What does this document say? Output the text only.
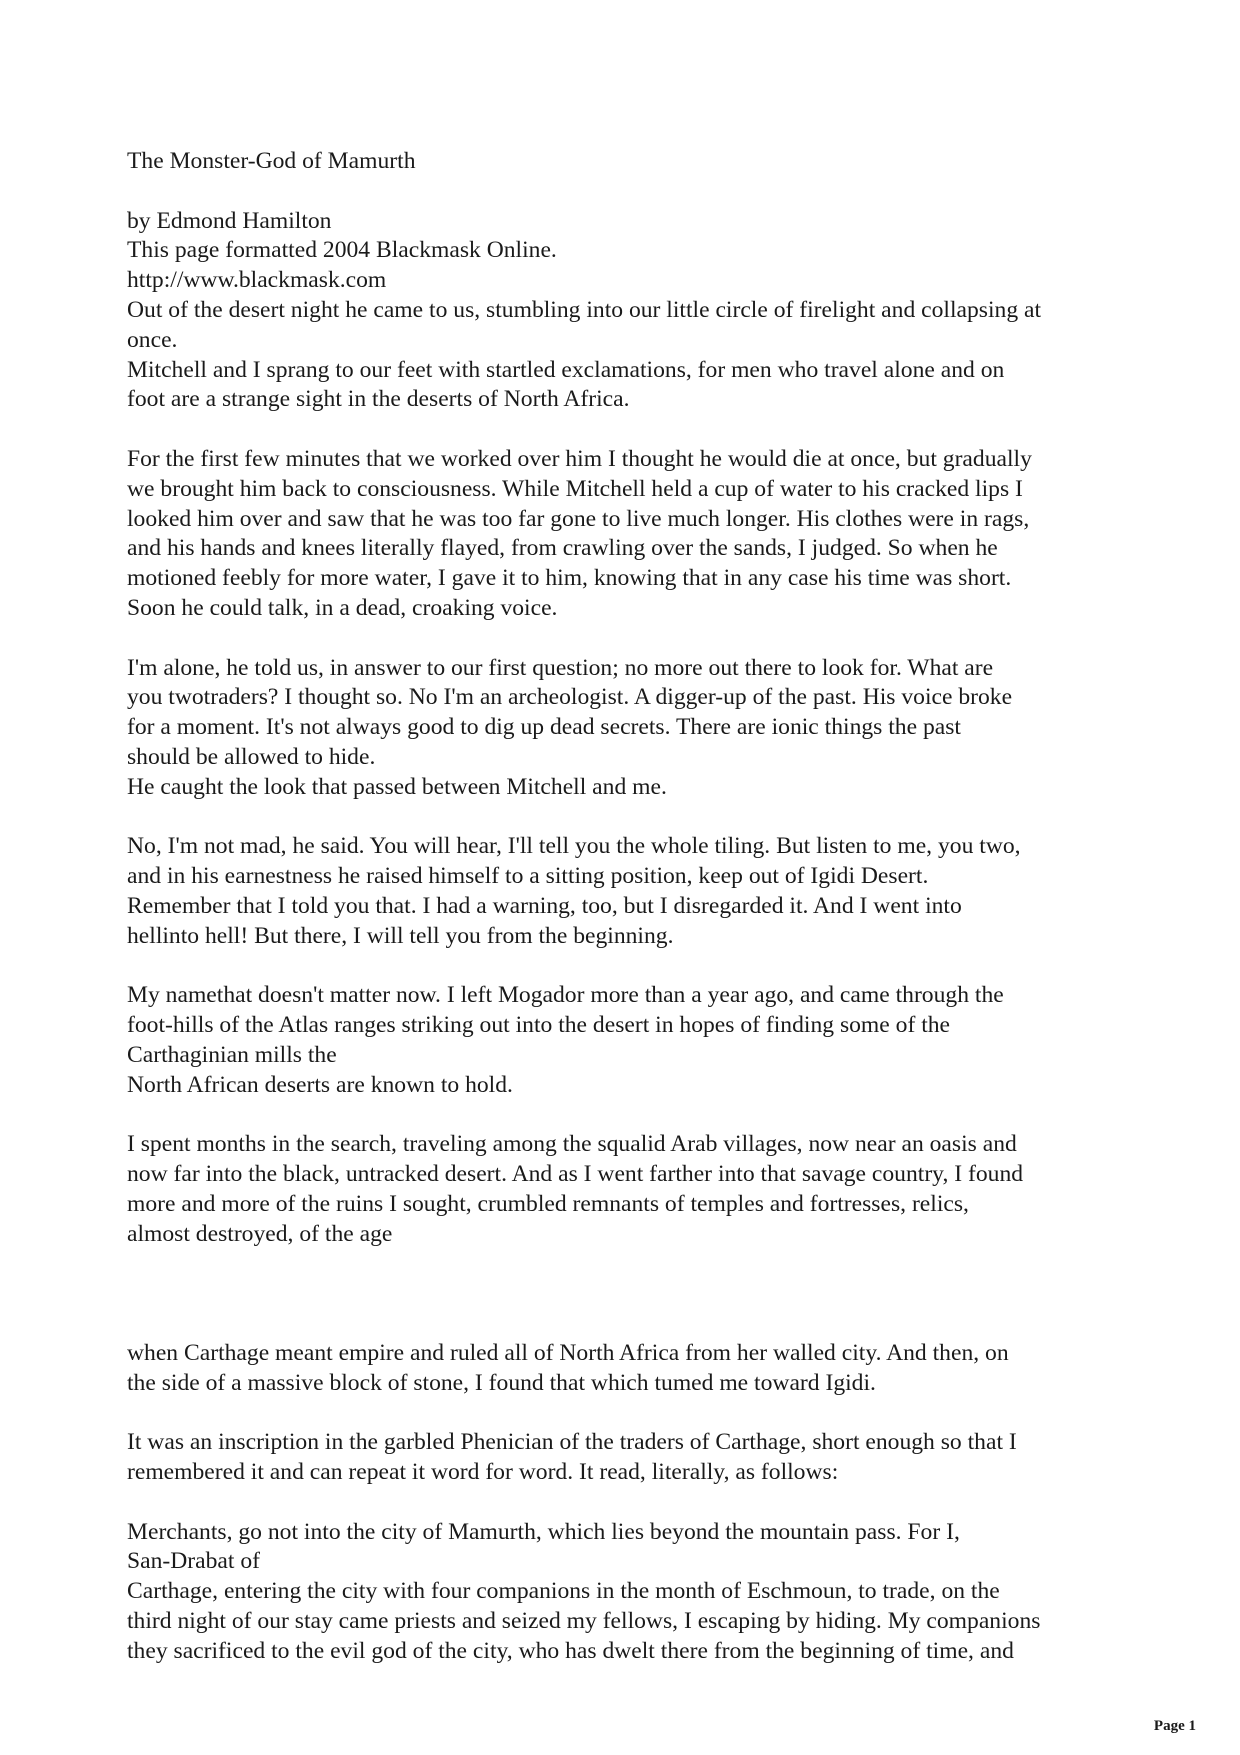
The Monster-God of Mamurth
by Edmond Hamilton
This page formatted 2004 Blackmask Online.
http://www.blackmask.com
Out of the desert night he came to us, stumbling into our little circle of firelight and collapsing at
once.
Mitchell and I sprang to our feet with startled exclamations, for men who travel alone and on
foot are a strange sight in the deserts of North Africa.
For the first few minutes that we worked over him I thought he would die at once, but gradually
we brought him back to consciousness. While Mitchell held a cup of water to his cracked lips I
looked him over and saw that he was too far gone to live much longer. His clothes were in rags,
and his hands and knees literally flayed, from crawling over the sands, I judged. So when he
motioned feebly for more water, I gave it to him, knowing that in any case his time was short.
Soon he could talk, in a dead, croaking voice.
I'm alone, he told us, in answer to our first question; no more out there to look for. What are
you twotraders? I thought so. No I'm an archeologist. A digger-up of the past. His voice broke
for a moment. It's not always good to dig up dead secrets. There are ionic things the past
should be allowed to hide.
He caught the look that passed between Mitchell and me.
No, I'm not mad, he said. You will hear, I'll tell you the whole tiling. But listen to me, you two,
and in his earnestness he raised himself to a sitting position, keep out of Igidi Desert.
Remember that I told you that. I had a warning, too, but I disregarded it. And I went into
hellinto hell! But there, I will tell you from the beginning.
My namethat doesn't matter now. I left Mogador more than a year ago, and came through the
foot-hills of the Atlas ranges striking out into the desert in hopes of finding some of the
Carthaginian mills the
North African deserts are known to hold.
I spent months in the search, traveling among the squalid Arab villages, now near an oasis and
now far into the black, untracked desert. And as I went farther into that savage country, I found
more and more of the ruins I sought, crumbled remnants of temples and fortresses, relics,
almost destroyed, of the age
when Carthage meant empire and ruled all of North Africa from her walled city. And then, on
the side of a massive block of stone, I found that which tumed me toward Igidi.
It was an inscription in the garbled Phenician of the traders of Carthage, short enough so that I
remembered it and can repeat it word for word. It read, literally, as follows:
Merchants, go not into the city of Mamurth, which lies beyond the mountain pass. For I,
San-Drabat of
Carthage, entering the city with four companions in the month of Eschmoun, to trade, on the
third night of our stay came priests and seized my fellows, I escaping by hiding. My companions
they sacrificed to the evil god of the city, who has dwelt there from the beginning of time, and
Page 1
